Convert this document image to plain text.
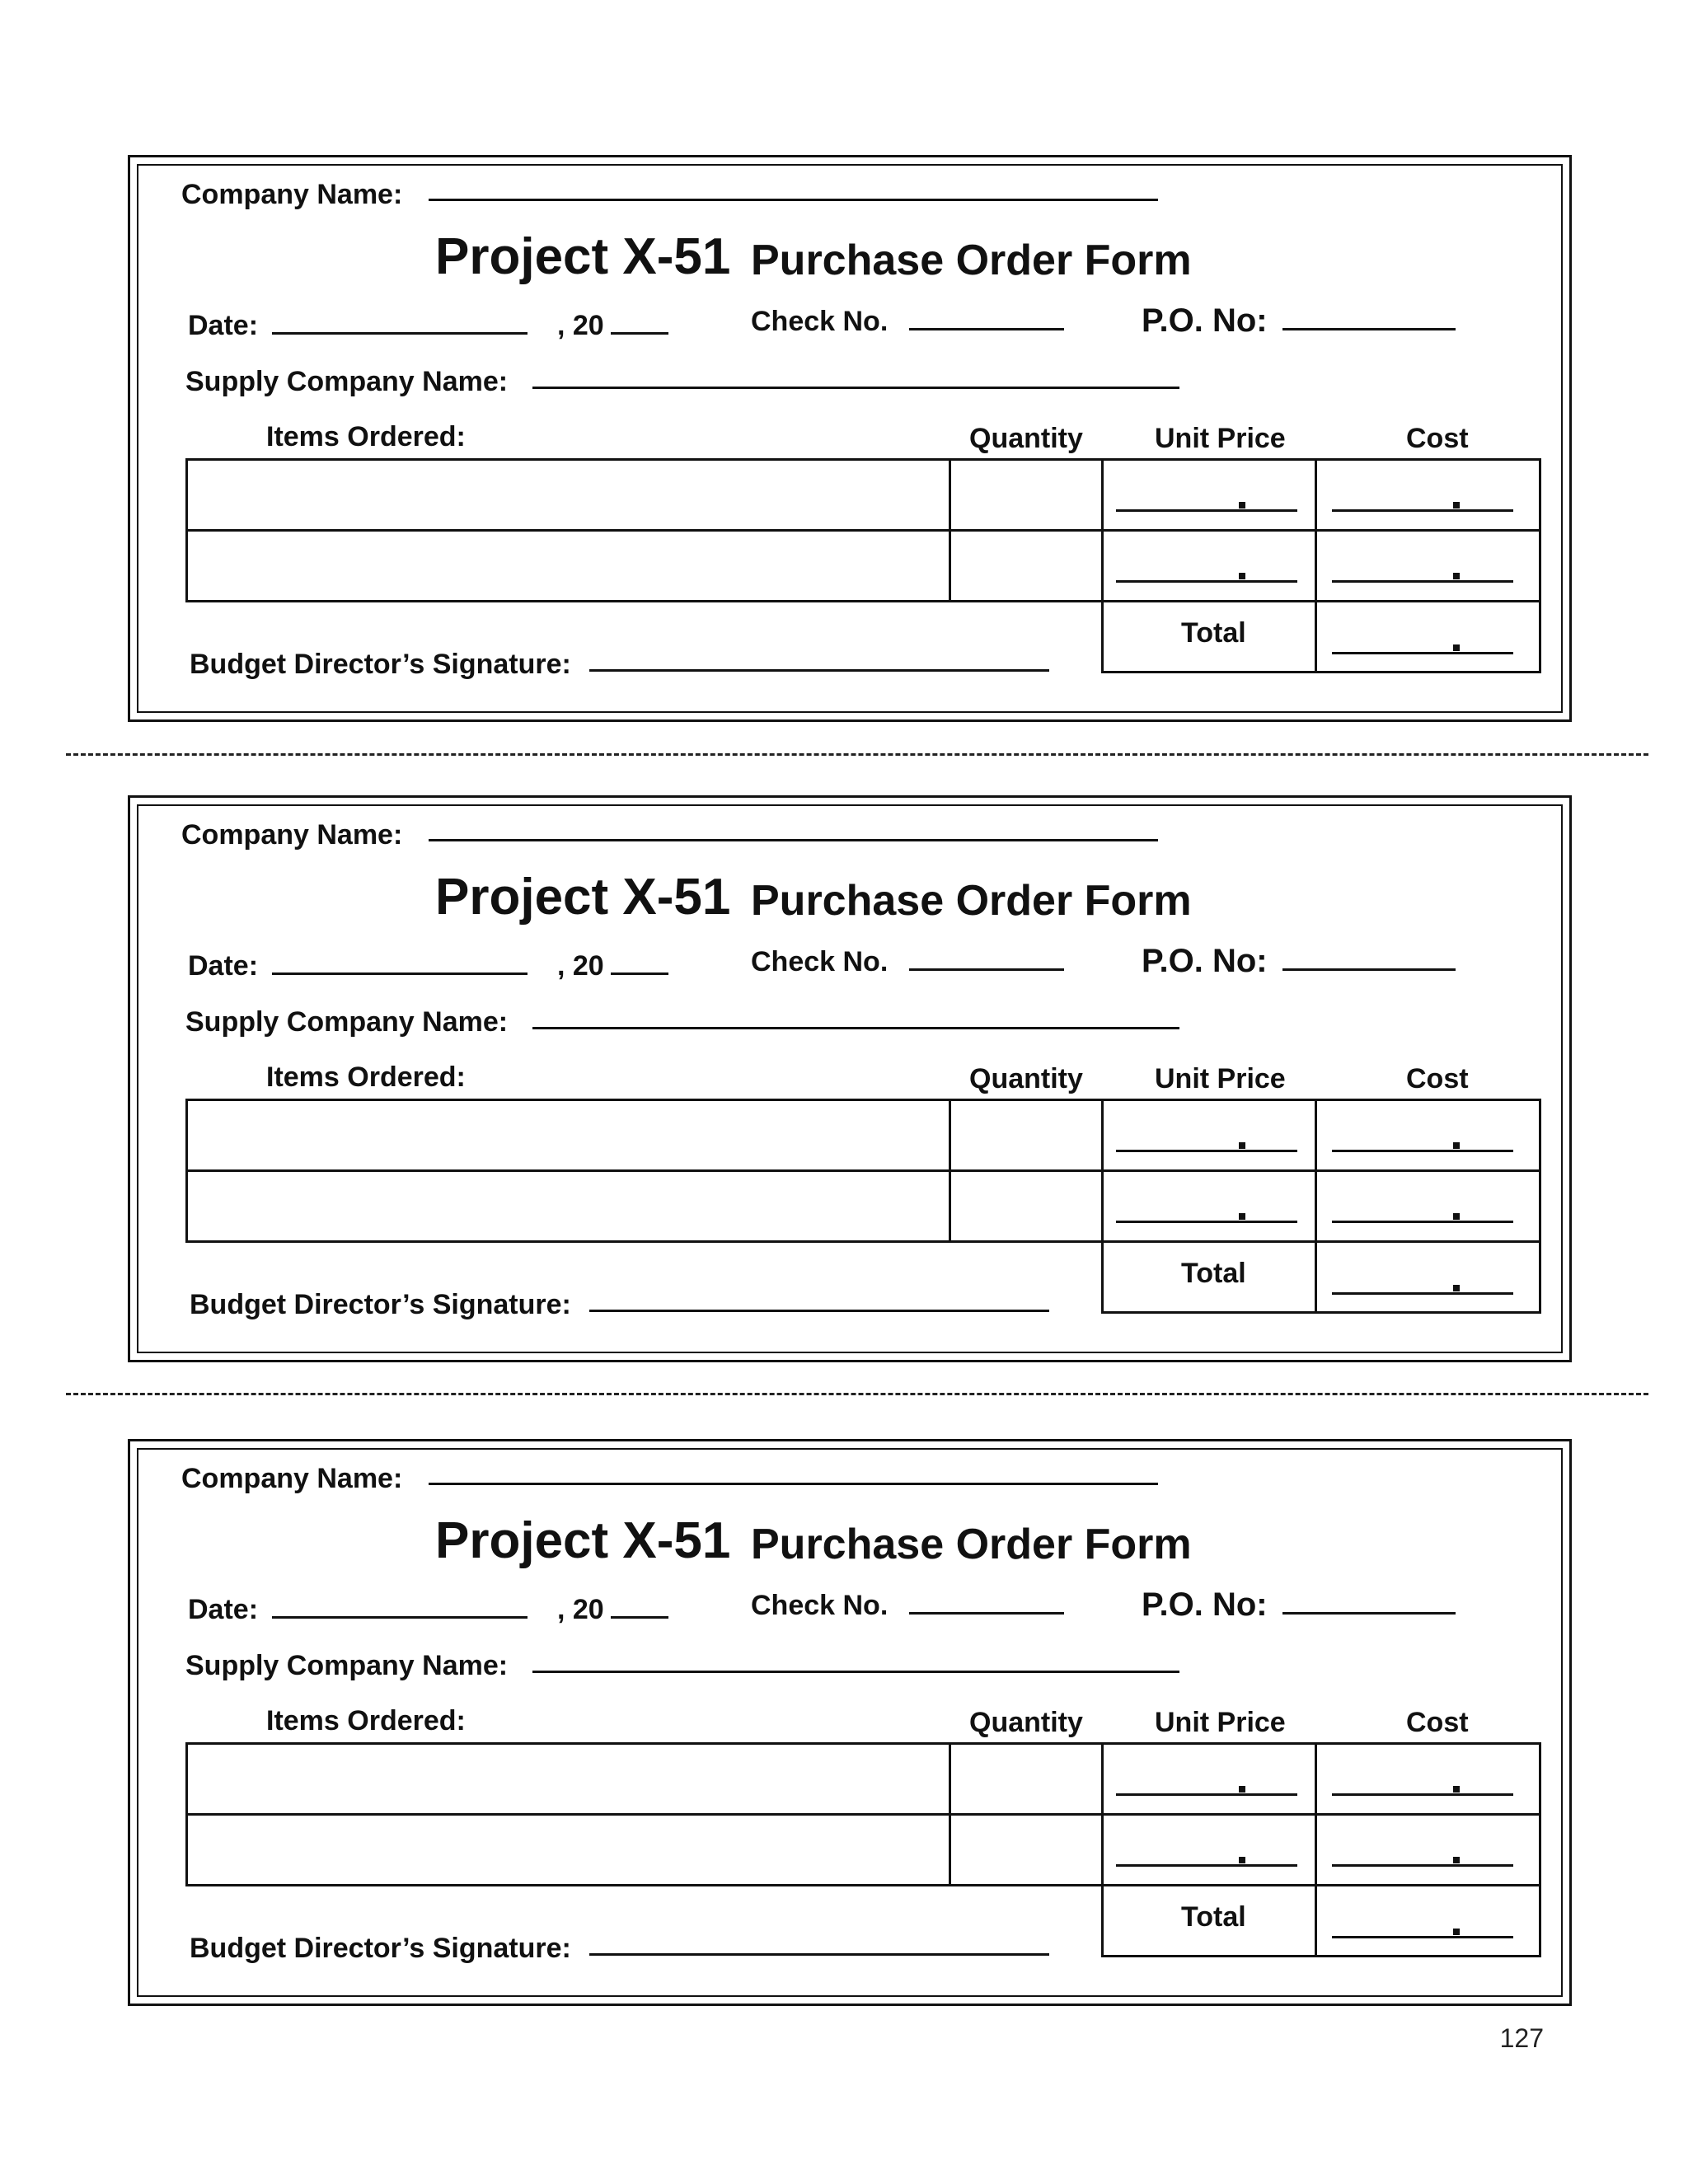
Company Name:
Project X-51 Purchase Order Form
Date:	, 20	Check No.	P.O. No:
Supply Company Name:
Items Ordered:	Quantity	Unit Price	Cost
Total
Budget Director’s Signature:
Company Name:
Project X-51 Purchase Order Form
Date:	, 20	Check No.	P.O. No:
Supply Company Name:
Items Ordered:	Quantity	Unit Price	Cost
Total
Budget Director’s Signature:
Company Name:
Project X-51 Purchase Order Form
Date:	, 20	Check No.	P.O. No:
Supply Company Name:
Items Ordered:	Quantity	Unit Price	Cost
Total
Budget Director’s Signature:
127
